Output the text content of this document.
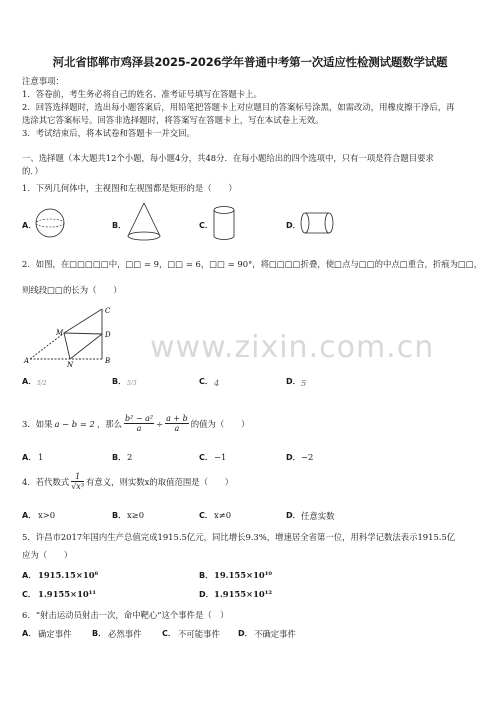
河北省邯郸市鸡泽县2025-2026学年普通中考第一次适应性检测试题数学试题
注意事项：
1．答卷前，考生务必将自己的姓名、准考证号填写在答题卡上。
2．回答选择题时，选出每小题答案后，用铅笔把答题卡上对应题目的答案标号涂黑，如需改动，用橡皮擦干净后，再
选涂其它答案标号。回答非选择题时，将答案写在答题卡上，写在本试卷上无效。
3．考试结束后，将本试卷和答题卡一并交回。
一、选择题（本大题共12个小题，每小题4分，共48分．在每小题给出的四个选项中，只有一项是符合题目要求
的．）
1．下列几何体中，主视图和左视图都是矩形的是（　　）
A．	B．	C．	D．
2．如图，在□□□□□中，□□ = 9，□□ = 6，□□ = 90°，将□□□□折叠，使□点与□□的中点□重合，折痕为□□，
则线段□□的长为（　　）
C
M	D
A	N	B
A． 5/2	B． 5/3	C． 4	D． 5
3．如果 a − b = 2 ，那么 $\frac{\text{b² − a²}}{a} \div \frac{a + b}{a}$ 的值为（　　）
A． 1	B． 2	C． −1	D． −2
4．若代数式 $\frac{1}{\text{√x³}}$ 有意义，则实数x的取值范围是（　　）
A． x>0	B． x≥0	C． x≠0	D． 任意实数
5．许昌市2017年国内生产总值完成1915.5亿元，同比增长9.3%，增速居全省第一位，用科学记数法表示1915.5亿
应为（　　）
A． 1915.15×10⁸	B． 19.155×10¹⁰
C． 1.9155×10¹¹	D． 1.9155×10¹²
6．“射击运动员射击一次，命中靶心”这个事件是（　）
A． 确定事件	B． 必然事件	C． 不可能事件 D． 不确定事件
www.zixin.com.cn
